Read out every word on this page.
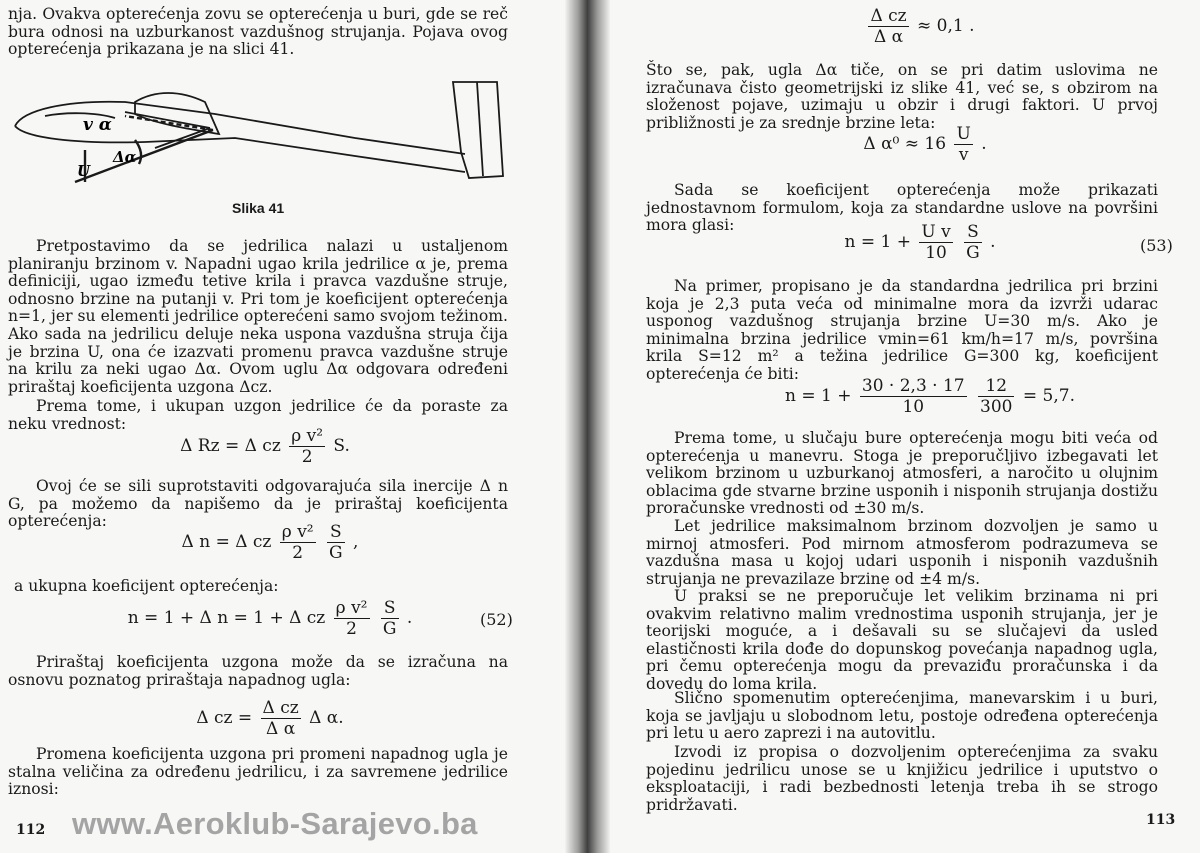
nja. Ovakva opterećenja zovu se opterećenja u buri, gde se reč bura odnosi na uzburkanost vazdušnog strujanja. Pojava ovog opterećenja prikazana je na slici 41.
v α
Δα
U
Slika 41
Pretpostavimo da se jedrilica nalazi u ustaljenom planiranju brzinom v. Napadni ugao krila jedrilice α je, prema definiciji, ugao između tetive krila i pravca vazdušne struje, odnosno brzine na putanji v. Pri tom je koeficijent opterećenja n=1, jer su elementi jedrilice opterećeni samo svojom težinom. Ako sada na jedrilicu deluje neka uspona vazdušna struja čija je brzina U, ona će izazvati promenu pravca vazdušne struje na krilu za neki ugao Δα. Ovom uglu Δα odgovara određeni priraštaj koeficijenta uzgona Δcz.
Prema tome, i ukupan uzgon jedrilice će da poraste za neku vrednost:
Δ Rz = Δ cz $\frac{\text{ρ v²}}{2} S$.
Ovoj će se sili suprotstaviti odgovarajuća sila inercije Δ n G, pa možemo da napišemo da je priraštaj koeficijenta opterećenja:
Δ n = Δ cz $\frac{\text{ρ v²}}{2}$
$\frac{S}{G}$ ,
a ukupna koeficijent opterećenja:
n = 1 + Δ n = 1 + Δ cz $\frac{\text{ρ v²}}{2}$
$\frac{S}{G}$ .	(52)
Priraštaj koeficijenta uzgona može da se izračuna na osnovu poznatog priraštaja napadnog ugla:
Δ cz = $\frac{\text{Δ cz}}{\text{Δ α}}$ Δ α.
Promena koeficijenta uzgona pri promeni napadnog ugla je stalna veličina za određenu jedrilicu, i za savremene jedrilice iznosi:
112
$\frac{\text{Δ cz}}{\text{Δ α}} \approx 0,1$ .
Što se, pak, ugla Δα tiče, on se pri datim uslovima ne izračunava čisto geometrijski iz slike 41, već se, s obzirom na složenost pojave, uzimaju u obzir i drugi faktori. U prvoj približnosti je za srednje brzine leta:
Δ $\alpha^0 \approx 16 \frac{U}{v}$ .
Sada se koeficijent opterećenja može prikazati jednostavnom formulom, koja za standardne uslove na površini mora glasi:
$n = 1 + \frac{\text{U v}}{10}$
$\frac{S}{G}$ .	(53)
Na primer, propisano je da standardna jedrilica pri brzini koja je 2,3 puta veća od minimalne mora da izvrži udarac usponog vazdušnog strujanja brzine U=30 m/s. Ako je minimalna brzina jedrilice vmin=61 km/h=17 m/s, površina krila S=12 m² a težina jedrilice G=300 kg, koeficijent opterećenja će biti:
$n = 1 + \frac{30 \cdot 2,3 \cdot 17}{10}$
$\frac{12}{300} = 5,7$.
Prema tome, u slučaju bure opterećenja mogu biti veća od opterećenja u manevru. Stoga je preporučljivo izbegavati let velikom brzinom u uzburkanoj atmosferi, a naročito u olujnim oblacima gde stvarne brzine usponih i nisponih strujanja dostižu proračunske vrednosti od ±30 m/s.
Let jedrilice maksimalnom brzinom dozvoljen je samo u mirnoj atmosferi. Pod mirnom atmosferom podrazumeva se vazdušna masa u kojoj udari usponih i nisponih vazdušnih strujanja ne prevazilaze brzine od ±4 m/s.
U praksi se ne preporučuje let velikim brzinama ni pri ovakvim relativno malim vrednostima usponih strujanja, jer je teorijski moguće, a i dešavali su se slučajevi da usled elastičnosti krila dođe do dopunskog povećanja napadnog ugla, pri čemu opterećenja mogu da prevaziđu proračunska i da dovedu do loma krila.
Slično spomenutim opterećenjima, manevarskim i u buri, koja se javljaju u slobodnom letu, postoje određena opterećenja pri letu u aero zaprezi i na autovitlu.
Izvodi iz propisa o dozvoljenim opterećenjima za svaku pojedinu jedrilicu unose se u knjižicu jedrilice i uputstvo o eksploataciji, i radi bezbednosti letenja treba ih se strogo pridržavati.
113
www.Aeroklub-Sarajevo.ba
